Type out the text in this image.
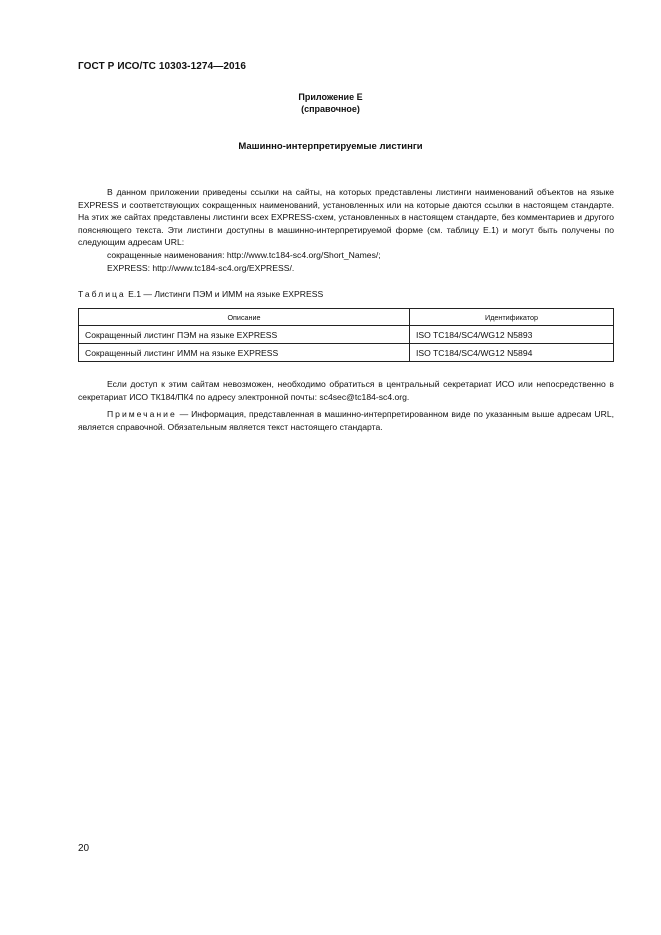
ГОСТ Р ИСО/ТС 10303-1274—2016
Приложение Е
(справочное)
Машинно-интерпретируемые листинги

В данном приложении приведены ссылки на сайты, на которых представлены листинги наименований объектов на языке EXPRESS и соответствующих сокращенных наименований, установленных или на которые даются ссылки в настоящем стандарте. На этих же сайтах представлены листинги всех EXPRESS-схем, установленных в настоящем стандарте, без комментариев и другого поясняющего текста. Эти листинги доступны в машинно-интерпретируемой форме (см. таблицу Е.1) и могут быть получены по следующим адресам URL:

сокращенные наименования: http://www.tc184-sc4.org/Short_Names/;

EXPRESS: http://www.tc184-sc4.org/EXPRESS/.

Таблица Е.1 — Листинги ПЭМ и ИММ на языке EXPRESS
Описание	Идентификатор
Сокращенный листинг ПЭМ на языке EXPRESS	ISO TC184/SC4/WG12 N5893
Сокращенный листинг ИММ на языке EXPRESS	ISO TC184/SC4/WG12 N5894

Если доступ к этим сайтам невозможен, необходимо обратиться в центральный секретариат ИСО или непосредственно в секретариат ИСО ТК184/ПК4 по адресу электронной почты: sc4sec@tc184-sc4.org.

Примечание — Информация, представленная в машинно-интерпретированном виде по указанным выше адресам URL, является справочной. Обязательным является текст настоящего стандарта.

20
